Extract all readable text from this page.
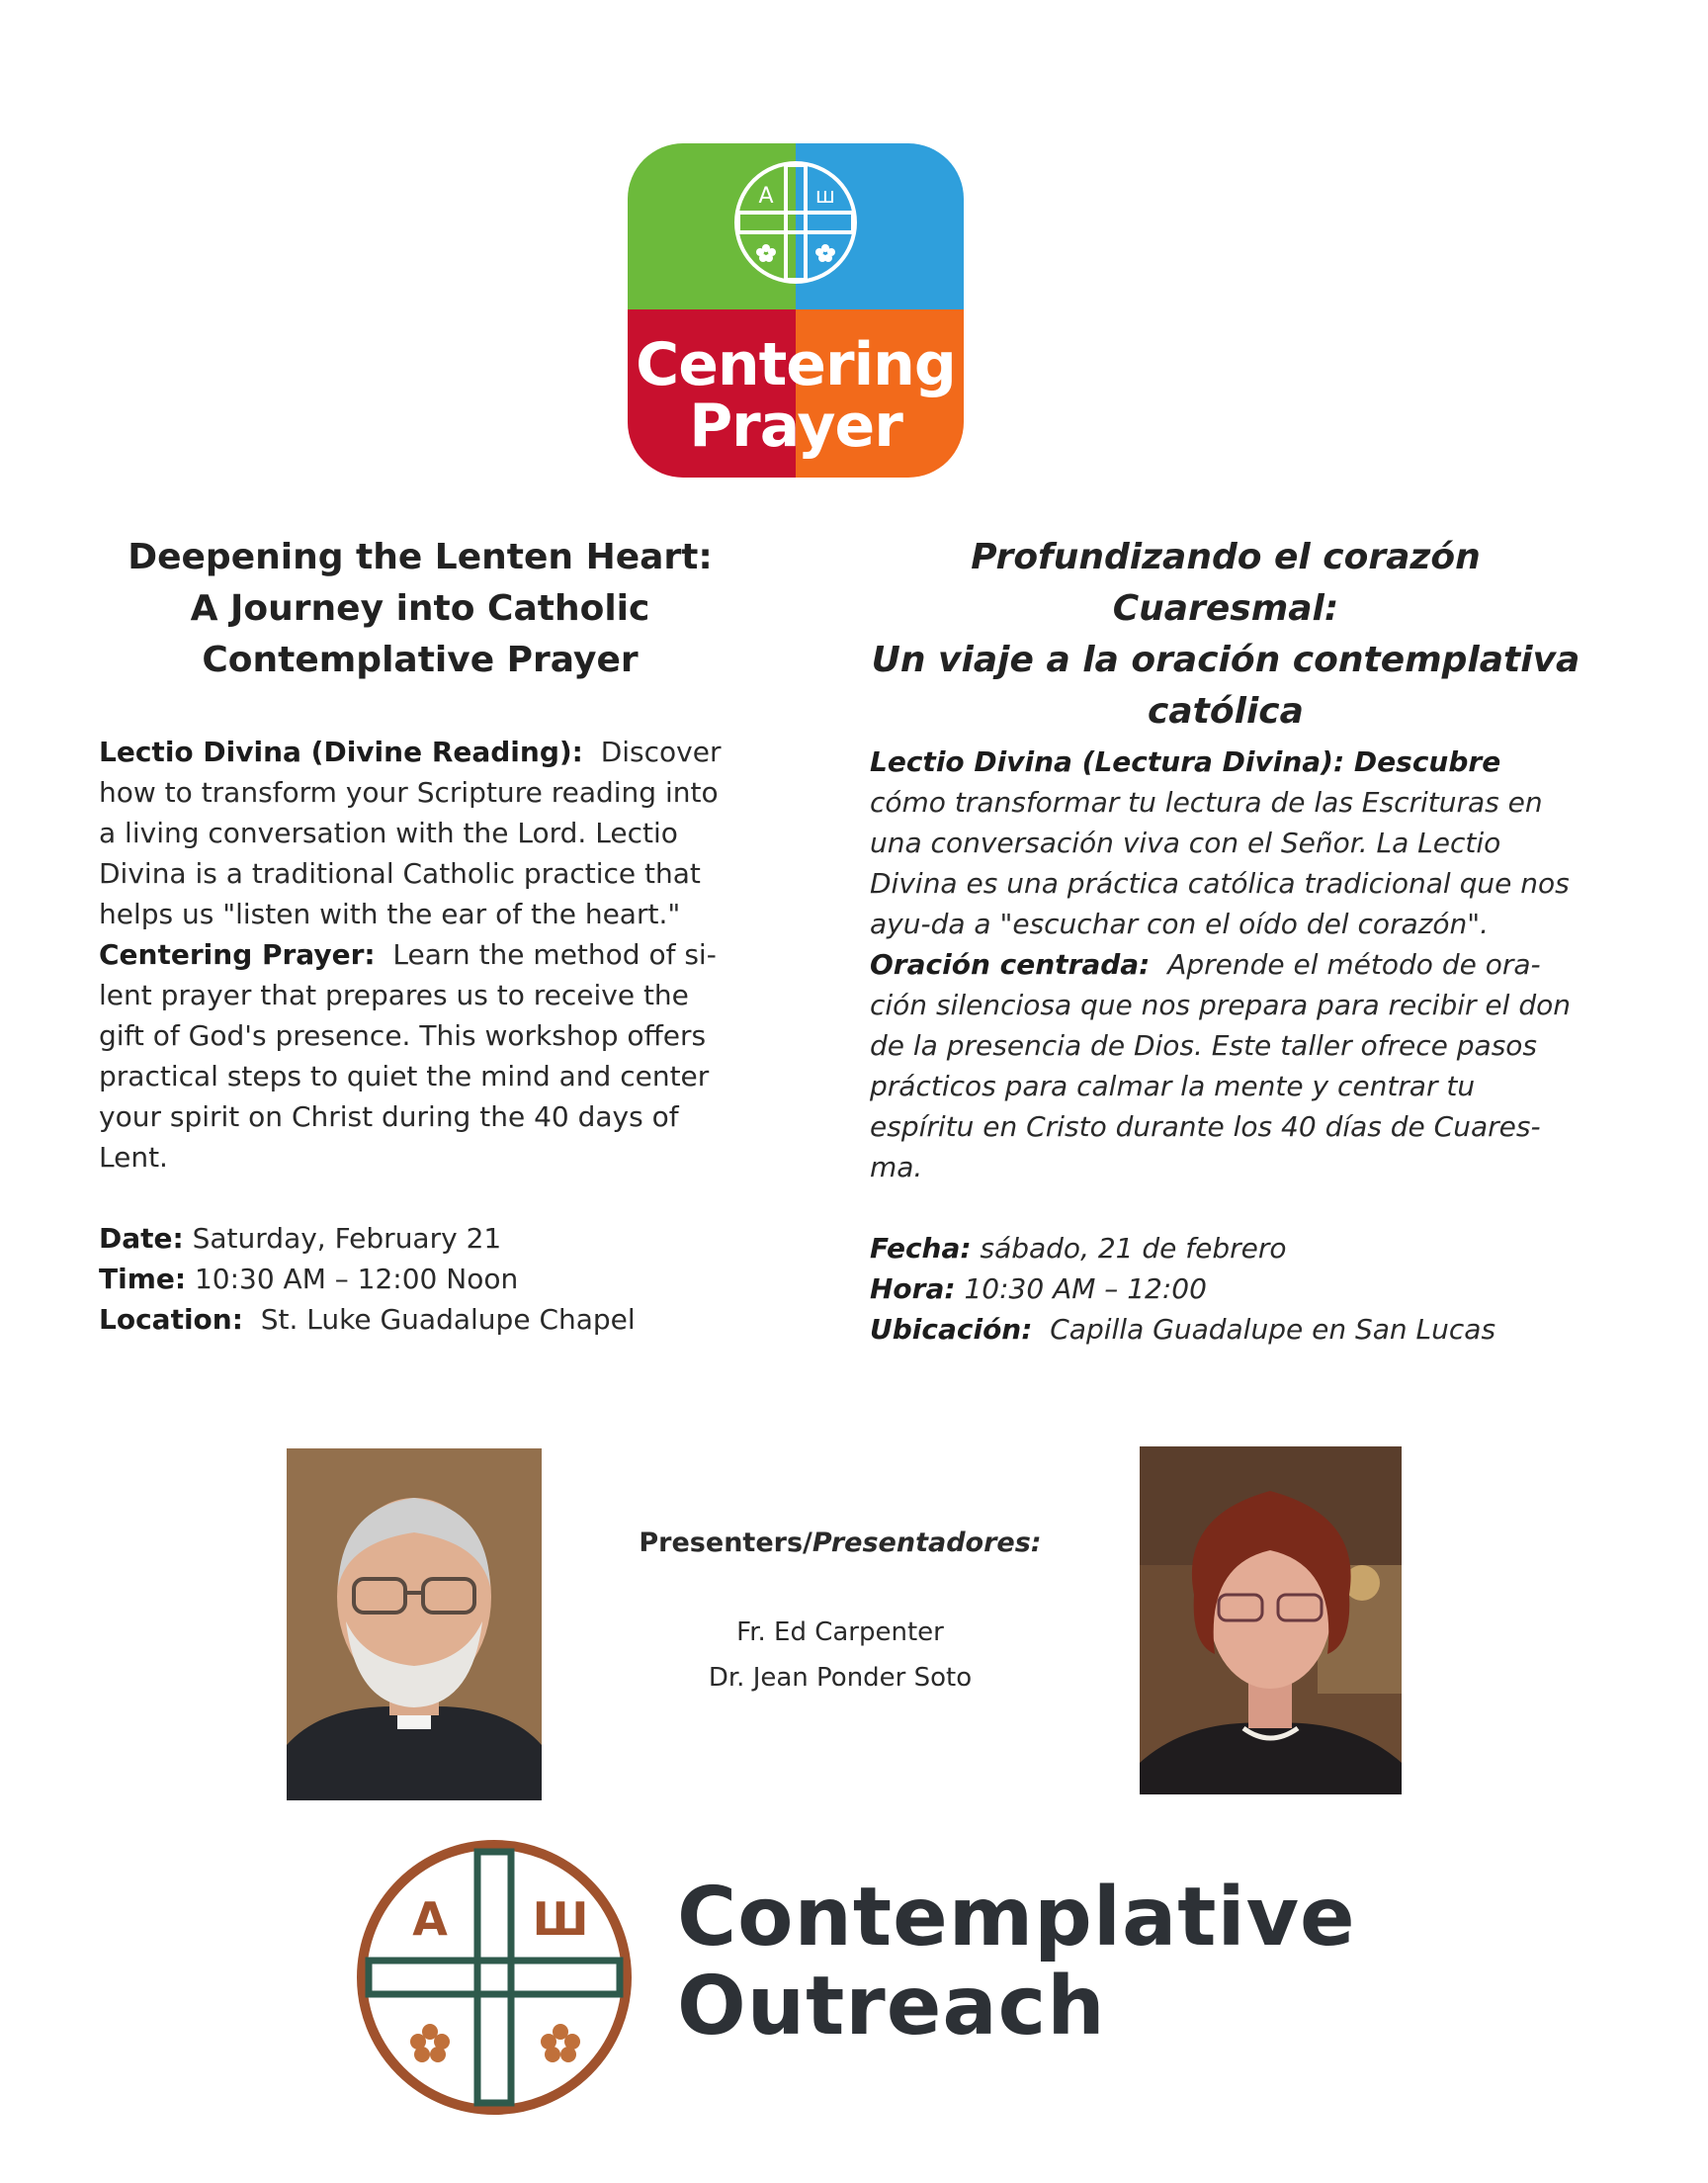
A ш
Centering
Prayer
Deepening the Lenten Heart:
A Journey into Catholic
Contemplative Prayer

Lectio Divina (Divine Reading): Discover how to transform your Scripture reading into a living conversation with the Lord. Lectio Divina is a traditional Catholic practice that helps us "listen with the ear of the heart."

Centering Prayer: Learn the method of si-lent prayer that prepares us to receive the gift of God's presence. This workshop offers practical steps to quiet the mind and center your spirit on Christ during the 40 days of Lent.

Date: Saturday, February 21

Time: 10:30 AM – 12:00 Noon

Location: St. Luke Guadalupe Chapel

Profundizando el corazón
Cuaresmal:
Un viaje a la oración contemplativa
católica

Lectio Divina (Lectura Divina): Descubre cómo transformar tu lectura de las Escrituras en una conversación viva con el Señor. La Lectio Divina es una práctica católica tradicional que nos ayu-da a "escuchar con el oído del corazón".

Oración centrada: Aprende el método de ora-ción silenciosa que nos prepara para recibir el don de la presencia de Dios. Este taller ofrece pasos prácticos para calmar la mente y centrar tu espíritu en Cristo durante los 40 días de Cuares-ma.

Fecha: sábado, 21 de febrero

Hora: 10:30 AM – 12:00

Ubicación: Capilla Guadalupe en San Lucas

Presenters/Presentadores:
Fr. Ed Carpenter
Dr. Jean Ponder Soto
A Ш Contemplative
Outreach
